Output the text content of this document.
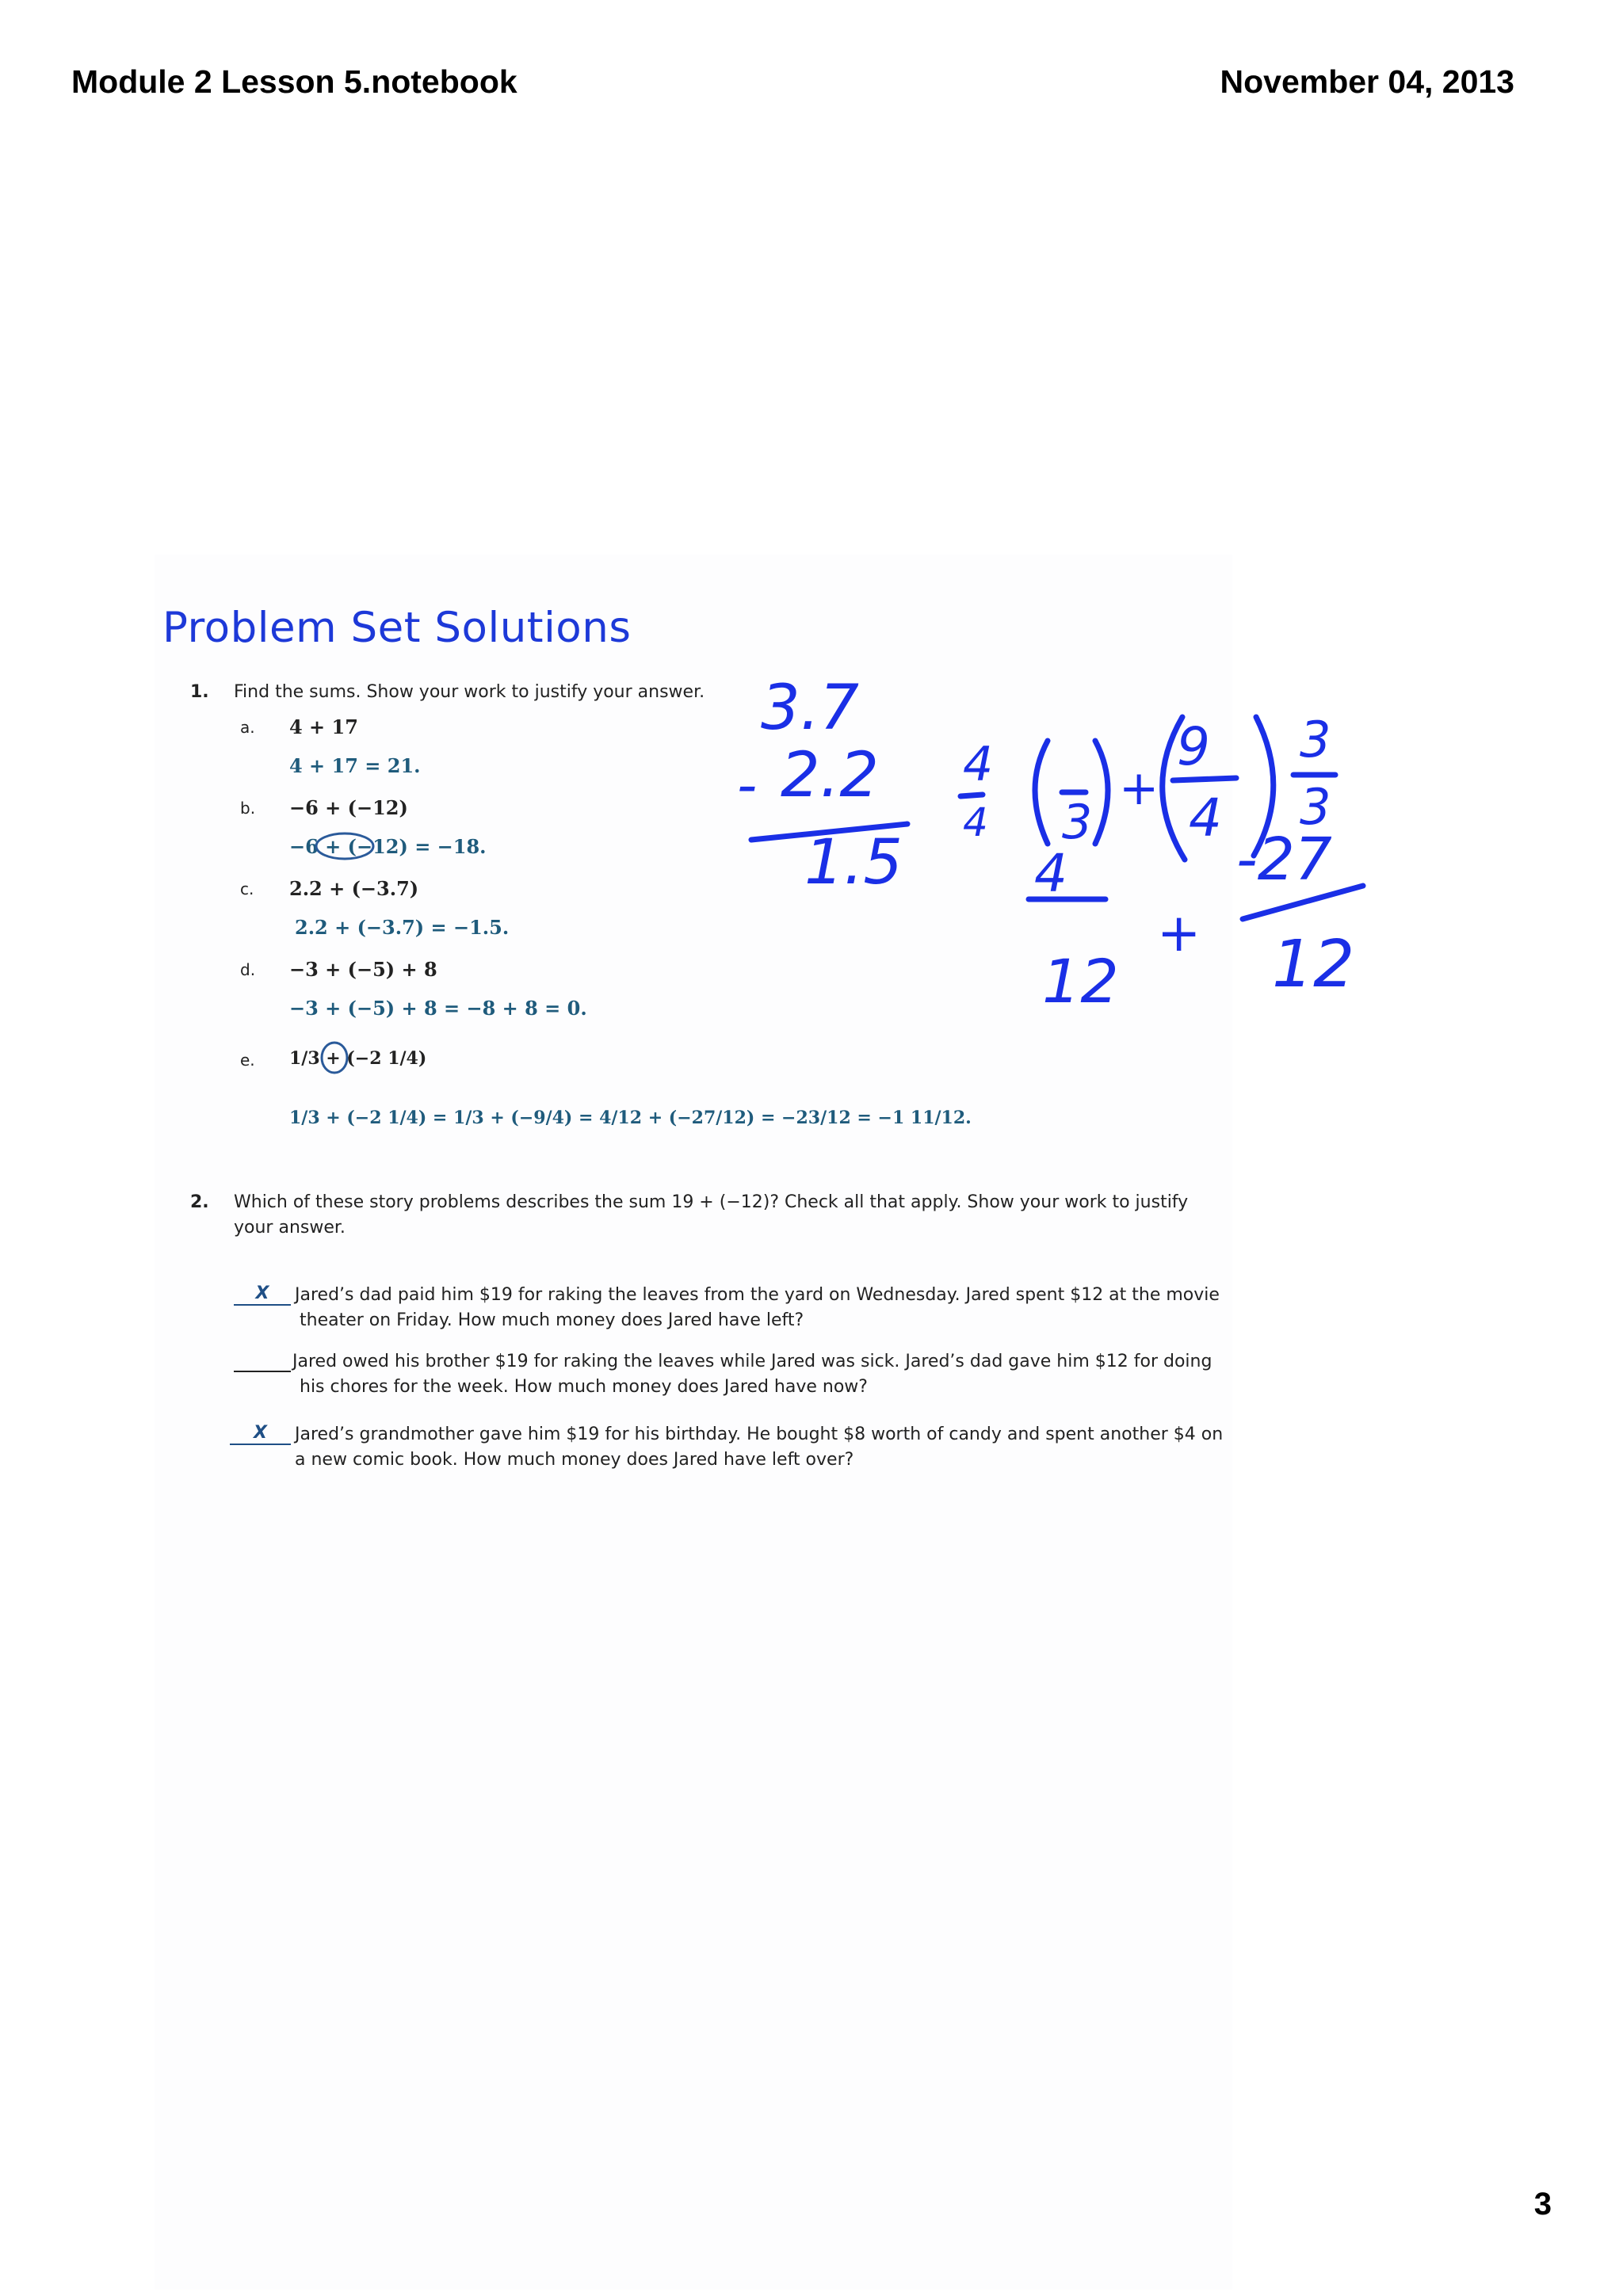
Module 2 Lesson 5.notebook	November 04, 2013
Problem Set Solutions
1. Find the sums. Show your work to justify your answer.
a. 4 + 17
4 + 17 = 21.
b. −6 + (−12)
−6 + (−12) = −18.
c. 2.2 + (−3.7)
2.2 + (−3.7) = −1.5.
d. −3 + (−5) + 8
−3 + (−5) + 8 = −8 + 8 = 0.
e. 1/3 + (−2 1/4)
1/3 + (−2 1/4) = 1/3 + (−9/4) = 4/12 + (−27/12) = −23/12 = −1 11/12.
2. Which of these story problems describes the sum 19 + (−12)? Check all that apply. Show your work to justify
your answer.
X	Jared’s dad paid him $19 for raking the leaves from the yard on Wednesday. Jared spent $12 at the movie
theater on Friday. How much money does Jared have left?
Jared owed his brother $19 for raking the leaves while Jared was sick. Jared’s dad gave him $12 for doing
his chores for the week. How much money does Jared have now?
X	Jared’s grandmother gave him $19 for his birthday. He bought $8 worth of candy and spent another $4 on
a new comic book. How much money does Jared have left over?
3.7
- 2.2
1.5
4
4 3
+
9
4
3
3
4
12
+
-27
12
3
